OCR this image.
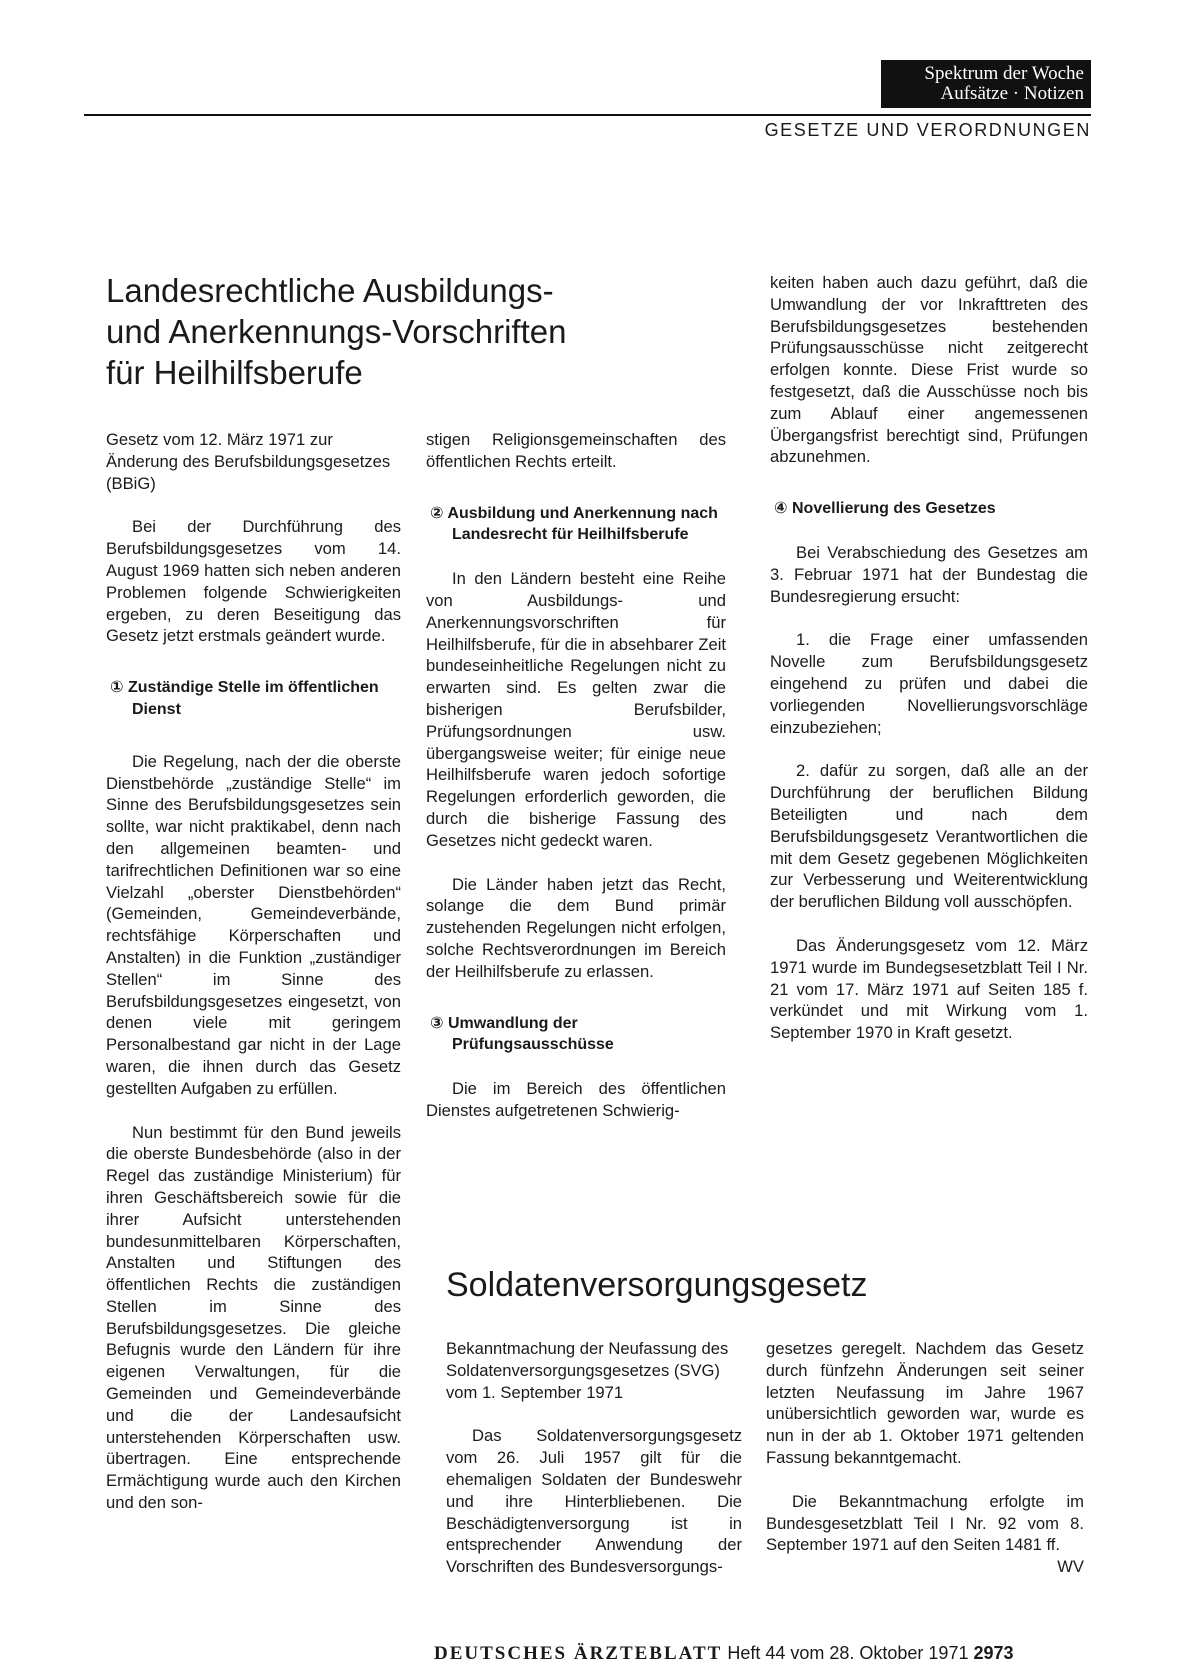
Spektrum der Woche
Aufsätze · Notizen
GESETZE UND VERORDNUNGEN
Landesrechtliche Ausbildungs-
und Anerkennungs-Vorschriften
für Heilhilfsberufe

Gesetz vom 12. März 1971 zur Änderung des Berufsbildungsgesetzes (BBiG)

Bei der Durchführung des Berufsbildungsgesetzes vom 14. August 1969 hatten sich neben anderen Problemen folgende Schwierigkeiten ergeben, zu deren Beseitigung das Gesetz jetzt erstmals geändert wurde.

① Zuständige Stelle im öffentlichen Dienst

Die Regelung, nach der die oberste Dienstbehörde „zuständige Stelle“ im Sinne des Berufsbildungsgesetzes sein sollte, war nicht praktikabel, denn nach den allgemeinen beamten- und tarifrechtlichen Definitionen war so eine Vielzahl „oberster Dienstbehörden“ (Gemeinden, Gemeindeverbände, rechtsfähige Körperschaften und Anstalten) in die Funktion „zuständiger Stellen“ im Sinne des Berufsbildungsgesetzes eingesetzt, von denen viele mit geringem Personalbestand gar nicht in der Lage waren, die ihnen durch das Gesetz gestellten Aufgaben zu erfüllen.

Nun bestimmt für den Bund jeweils die oberste Bundesbehörde (also in der Regel das zuständige Ministerium) für ihren Geschäftsbereich sowie für die ihrer Aufsicht unterstehenden bundesunmittelbaren Körperschaften, Anstalten und Stiftungen des öffentlichen Rechts die zuständigen Stellen im Sinne des Berufsbildungsgesetzes. Die gleiche Befugnis wurde den Ländern für ihre eigenen Verwaltungen, für die Gemeinden und Gemeindeverbände und die der Landesaufsicht unterstehenden Körperschaften usw. übertragen. Eine entsprechende Ermächtigung wurde auch den Kirchen und den son-

stigen Religionsgemeinschaften des öffentlichen Rechts erteilt.

② Ausbildung und Anerkennung nach Landesrecht für Heilhilfsberufe

In den Ländern besteht eine Reihe von Ausbildungs- und Anerkennungsvorschriften für Heilhilfsberufe, für die in absehbarer Zeit bundeseinheitliche Regelungen nicht zu erwarten sind. Es gelten zwar die bisherigen Berufsbilder, Prüfungsordnungen usw. übergangsweise weiter; für einige neue Heilhilfsberufe waren jedoch sofortige Regelungen erforderlich geworden, die durch die bisherige Fassung des Gesetzes nicht gedeckt waren.

Die Länder haben jetzt das Recht, solange die dem Bund primär zustehenden Regelungen nicht erfolgen, solche Rechtsverordnungen im Bereich der Heilhilfsberufe zu erlassen.

③ Umwandlung der Prüfungsausschüsse

Die im Bereich des öffentlichen Dienstes aufgetretenen Schwierig-

keiten haben auch dazu geführt, daß die Umwandlung der vor Inkrafttreten des Berufsbildungsgesetzes bestehenden Prüfungsausschüsse nicht zeitgerecht erfolgen konnte. Diese Frist wurde so festgesetzt, daß die Ausschüsse noch bis zum Ablauf einer angemessenen Übergangsfrist berechtigt sind, Prüfungen abzunehmen.

④ Novellierung des Gesetzes

Bei Verabschiedung des Gesetzes am 3. Februar 1971 hat der Bundestag die Bundesregierung ersucht:

1. die Frage einer umfassenden Novelle zum Berufsbildungsgesetz eingehend zu prüfen und dabei die vorliegenden Novellierungsvorschläge einzubeziehen;

2. dafür zu sorgen, daß alle an der Durchführung der beruflichen Bildung Beteiligten und nach dem Berufsbildungsgesetz Verantwortlichen die mit dem Gesetz gegebenen Möglichkeiten zur Verbesserung und Weiterentwicklung der beruflichen Bildung voll ausschöpfen.

Das Änderungsgesetz vom 12. März 1971 wurde im Bundegsesetzblatt Teil I Nr. 21 vom 17. März 1971 auf Seiten 185 f. verkündet und mit Wirkung vom 1. September 1970 in Kraft gesetzt.

Soldatenversorgungsgesetz

Bekanntmachung der Neufassung des Soldatenversorgungsgesetzes (SVG) vom 1. September 1971

Das Soldatenversorgungsgesetz vom 26. Juli 1957 gilt für die ehemaligen Soldaten der Bundeswehr und ihre Hinterbliebenen. Die Beschädigtenversorgung ist in entsprechender Anwendung der Vorschriften des Bundesversorgungs-

gesetzes geregelt. Nachdem das Gesetz durch fünfzehn Änderungen seit seiner letzten Neufassung im Jahre 1967 unübersichtlich geworden war, wurde es nun in der ab 1. Oktober 1971 geltenden Fassung bekanntgemacht.

Die Bekanntmachung erfolgte im Bundesgesetzblatt Teil I Nr. 92 vom 8. September 1971 auf den Seiten 1481 ff.
WV

DEUTSCHES ÄRZTEBLATT Heft 44 vom 28. Oktober 1971 2973
